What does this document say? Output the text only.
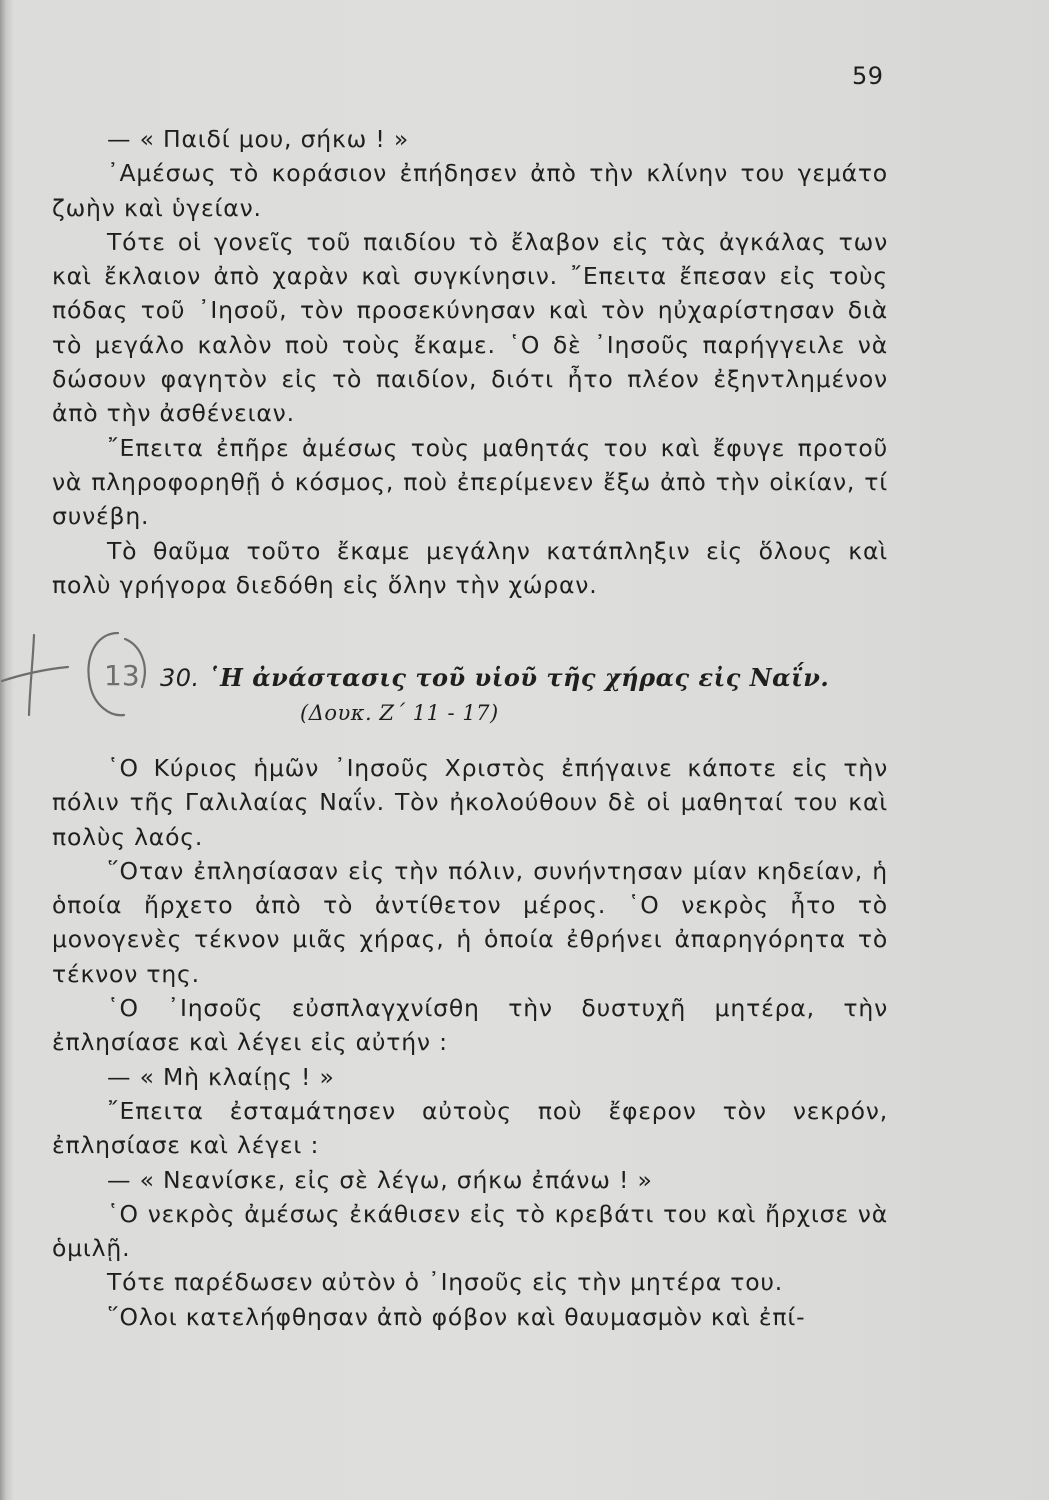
59

— « Παιδί μου, σήκω ! »

᾿Αμέσως τὸ κοράσιον ἐπήδησεν ἀπὸ τὴν κλίνην του γεμάτο ζωὴν καὶ ὑγείαν.

Τότε οἱ γονεῖς τοῦ παιδίου τὸ ἔλαβον εἰς τὰς ἀγκάλας των καὶ ἔκλαιον ἀπὸ χαρὰν καὶ συγκίνησιν. ῎Επειτα ἔπεσαν εἰς τοὺς πόδας τοῦ ᾿Ιησοῦ, τὸν προσεκύνησαν καὶ τὸν ηὐχαρίστησαν διὰ τὸ μεγάλο καλὸν ποὺ τοὺς ἔκαμε. ῾Ο δὲ ᾿Ιησοῦς παρήγγειλε νὰ δώσουν φαγητὸν εἰς τὸ παιδίον, διότι ἦτο πλέον ἐξηντλημένον ἀπὸ τὴν ἀσθένειαν.

῎Επειτα ἐπῆρε ἀμέσως τοὺς μαθητάς του καὶ ἔφυγε προτοῦ νὰ πληροφορηθῇ ὁ κόσμος, ποὺ ἐπερίμενεν ἔξω ἀπὸ τὴν οἰκίαν, τί συνέβη.

Τὸ θαῦμα τοῦτο ἔκαμε μεγάλην κατάπληξιν εἰς ὅλους καὶ πολὺ γρήγορα διεδόθη εἰς ὅλην τὴν χώραν.

13 30. ῾Η ἀνάστασις τοῦ υἱοῦ τῆς χήρας εἰς Ναΐν.
(Δουκ. Ζ΄ 11 - 17)

῾Ο Κύριος ἡμῶν ᾿Ιησοῦς Χριστὸς ἐπήγαινε κάποτε εἰς τὴν πόλιν τῆς Γαλιλαίας Ναΐν. Τὸν ἠκολούθουν δὲ οἱ μαθηταί του καὶ πολὺς λαός.

῞Οταν ἐπλησίασαν εἰς τὴν πόλιν, συνήντησαν μίαν κηδείαν, ἡ ὁποία ἤρχετο ἀπὸ τὸ ἀντίθετον μέρος. ῾Ο νεκρὸς ἦτο τὸ μονογενὲς τέκνον μιᾶς χήρας, ἡ ὁποία ἐθρήνει ἀπαρηγόρητα τὸ τέκνον της.

῾Ο ᾿Ιησοῦς εὐσπλαγχνίσθη τὴν δυστυχῆ μητέρα, τὴν ἐπλησίασε καὶ λέγει εἰς αὐτήν :

— « Μὴ κλαίῃς ! »

῎Επειτα ἐσταμάτησεν αὐτοὺς ποὺ ἔφερον τὸν νεκρόν, ἐπλησίασε καὶ λέγει :

— « Νεανίσκε, εἰς σὲ λέγω, σήκω ἐπάνω ! »

῾Ο νεκρὸς ἀμέσως ἐκάθισεν εἰς τὸ κρεβάτι του καὶ ἤρχισε νὰ ὁμιλῇ.

Τότε παρέδωσεν αὐτὸν ὁ ᾿Ιησοῦς εἰς τὴν μητέρα του.

῞Ολοι κατελήφθησαν ἀπὸ φόβον καὶ θαυμασμὸν καὶ ἐπί-
